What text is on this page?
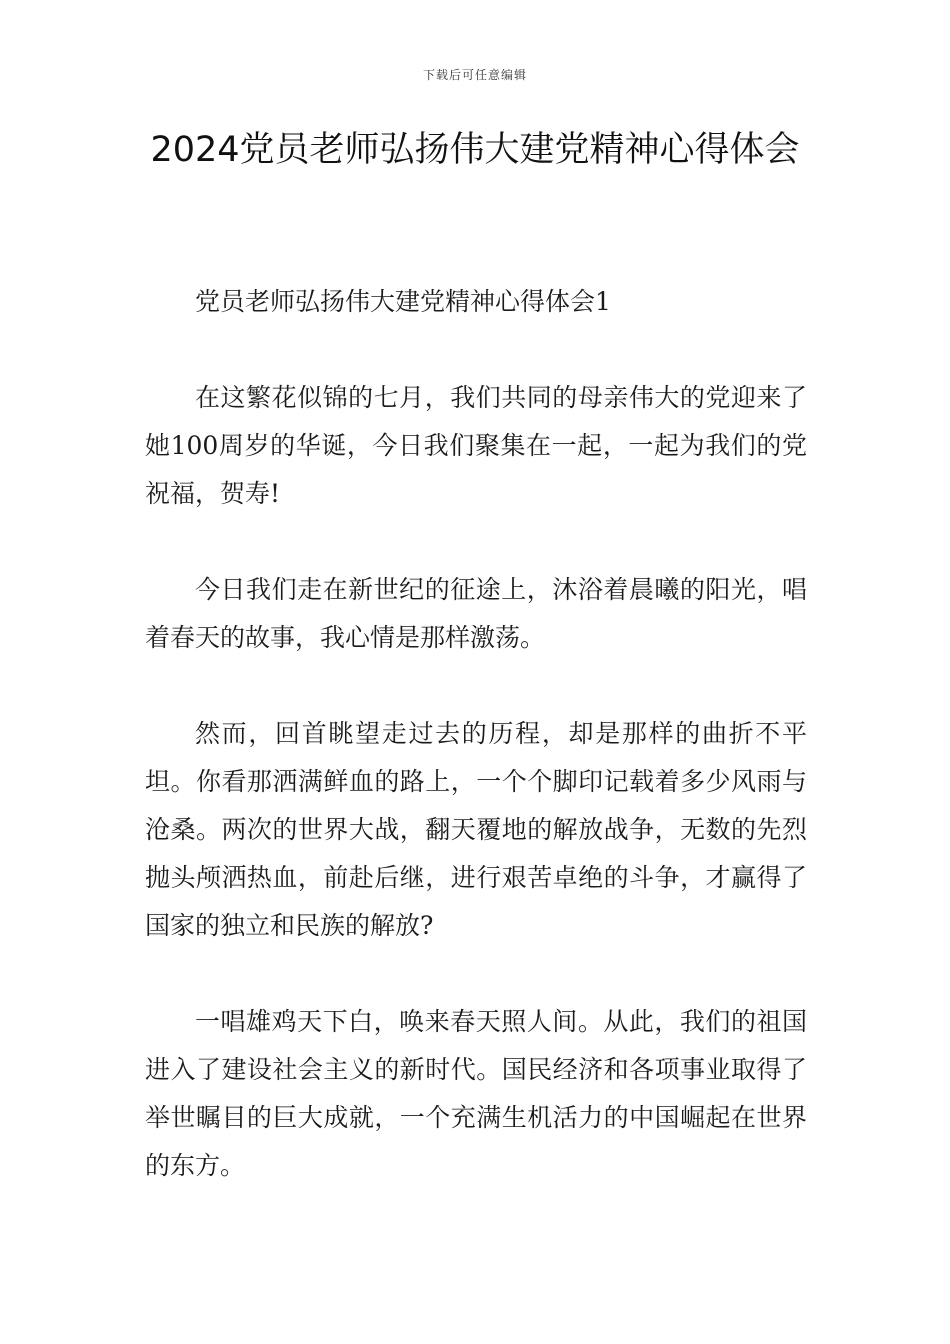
下载后可任意编辑
2024党员老师弘扬伟大建党精神心得体会

党员老师弘扬伟大建党精神心得体会1

在这繁花似锦的七月，我们共同的母亲伟大的党迎来了她100周岁的华诞，今日我们聚集在一起，一起为我们的党祝福，贺寿!

今日我们走在新世纪的征途上，沐浴着晨曦的阳光，唱着春天的故事，我心情是那样激荡。

然而，回首眺望走过去的历程，却是那样的曲折不平坦。你看那洒满鲜血的路上，一个个脚印记载着多少风雨与沧桑。两次的世界大战，翻天覆地的解放战争，无数的先烈抛头颅洒热血，前赴后继，进行艰苦卓绝的斗争，才赢得了国家的独立和民族的解放?

一唱雄鸡天下白，唤来春天照人间。从此，我们的祖国进入了建设社会主义的新时代。国民经济和各项事业取得了举世瞩目的巨大成就，一个充满生机活力的中国崛起在世界的东方。
